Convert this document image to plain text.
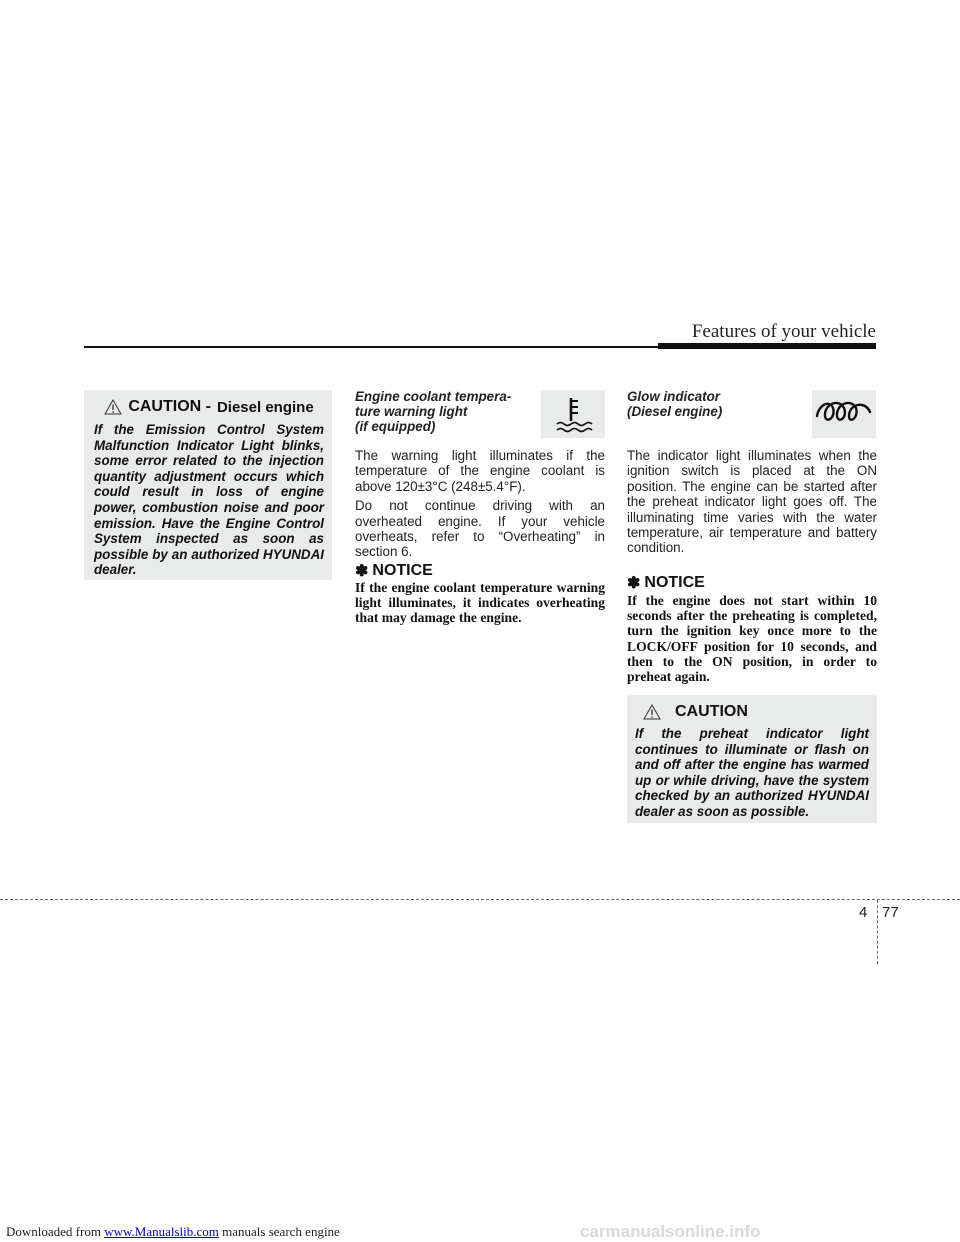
Features of your vehicle
CAUTION - Diesel engine
If the Emission Control System Malfunction Indicator Light blinks, some error related to the injection quantity adjustment occurs which could result in loss of engine power, combustion noise and poor emission. Have the Engine Control System inspected as soon as possible by an authorized HYUNDAI dealer.
Engine coolant tempera-
ture warning light
(if equipped)

The warning light illuminates if the temperature of the engine coolant is above 120±3°C (248±5.4°F).

Do not continue driving with an overheated engine. If your vehicle overheats, refer to “Overheating” in section 6.

✽ NOTICE
If the engine coolant temperature warning light illuminates, it indicates overheating that may damage the engine.
Glow indicator
(Diesel engine)

The indicator light illuminates when the ignition switch is placed at the ON position. The engine can be started after the preheat indicator light goes off. The illuminating time varies with the water temperature, air temperature and battery condition.

✽ NOTICE
If the engine does not start within 10 seconds after the preheating is completed, turn the ignition key once more to the LOCK/OFF position for 10 seconds, and then to the ON position, in order to preheat again.
CAUTION
If the preheat indicator light continues to illuminate or flash on and off after the engine has warmed up or while driving, have the system checked by an authorized HYUNDAI dealer as soon as possible.
4 77
Downloaded from www.Manualslib.com manuals search engine	carmanualsonline.info
